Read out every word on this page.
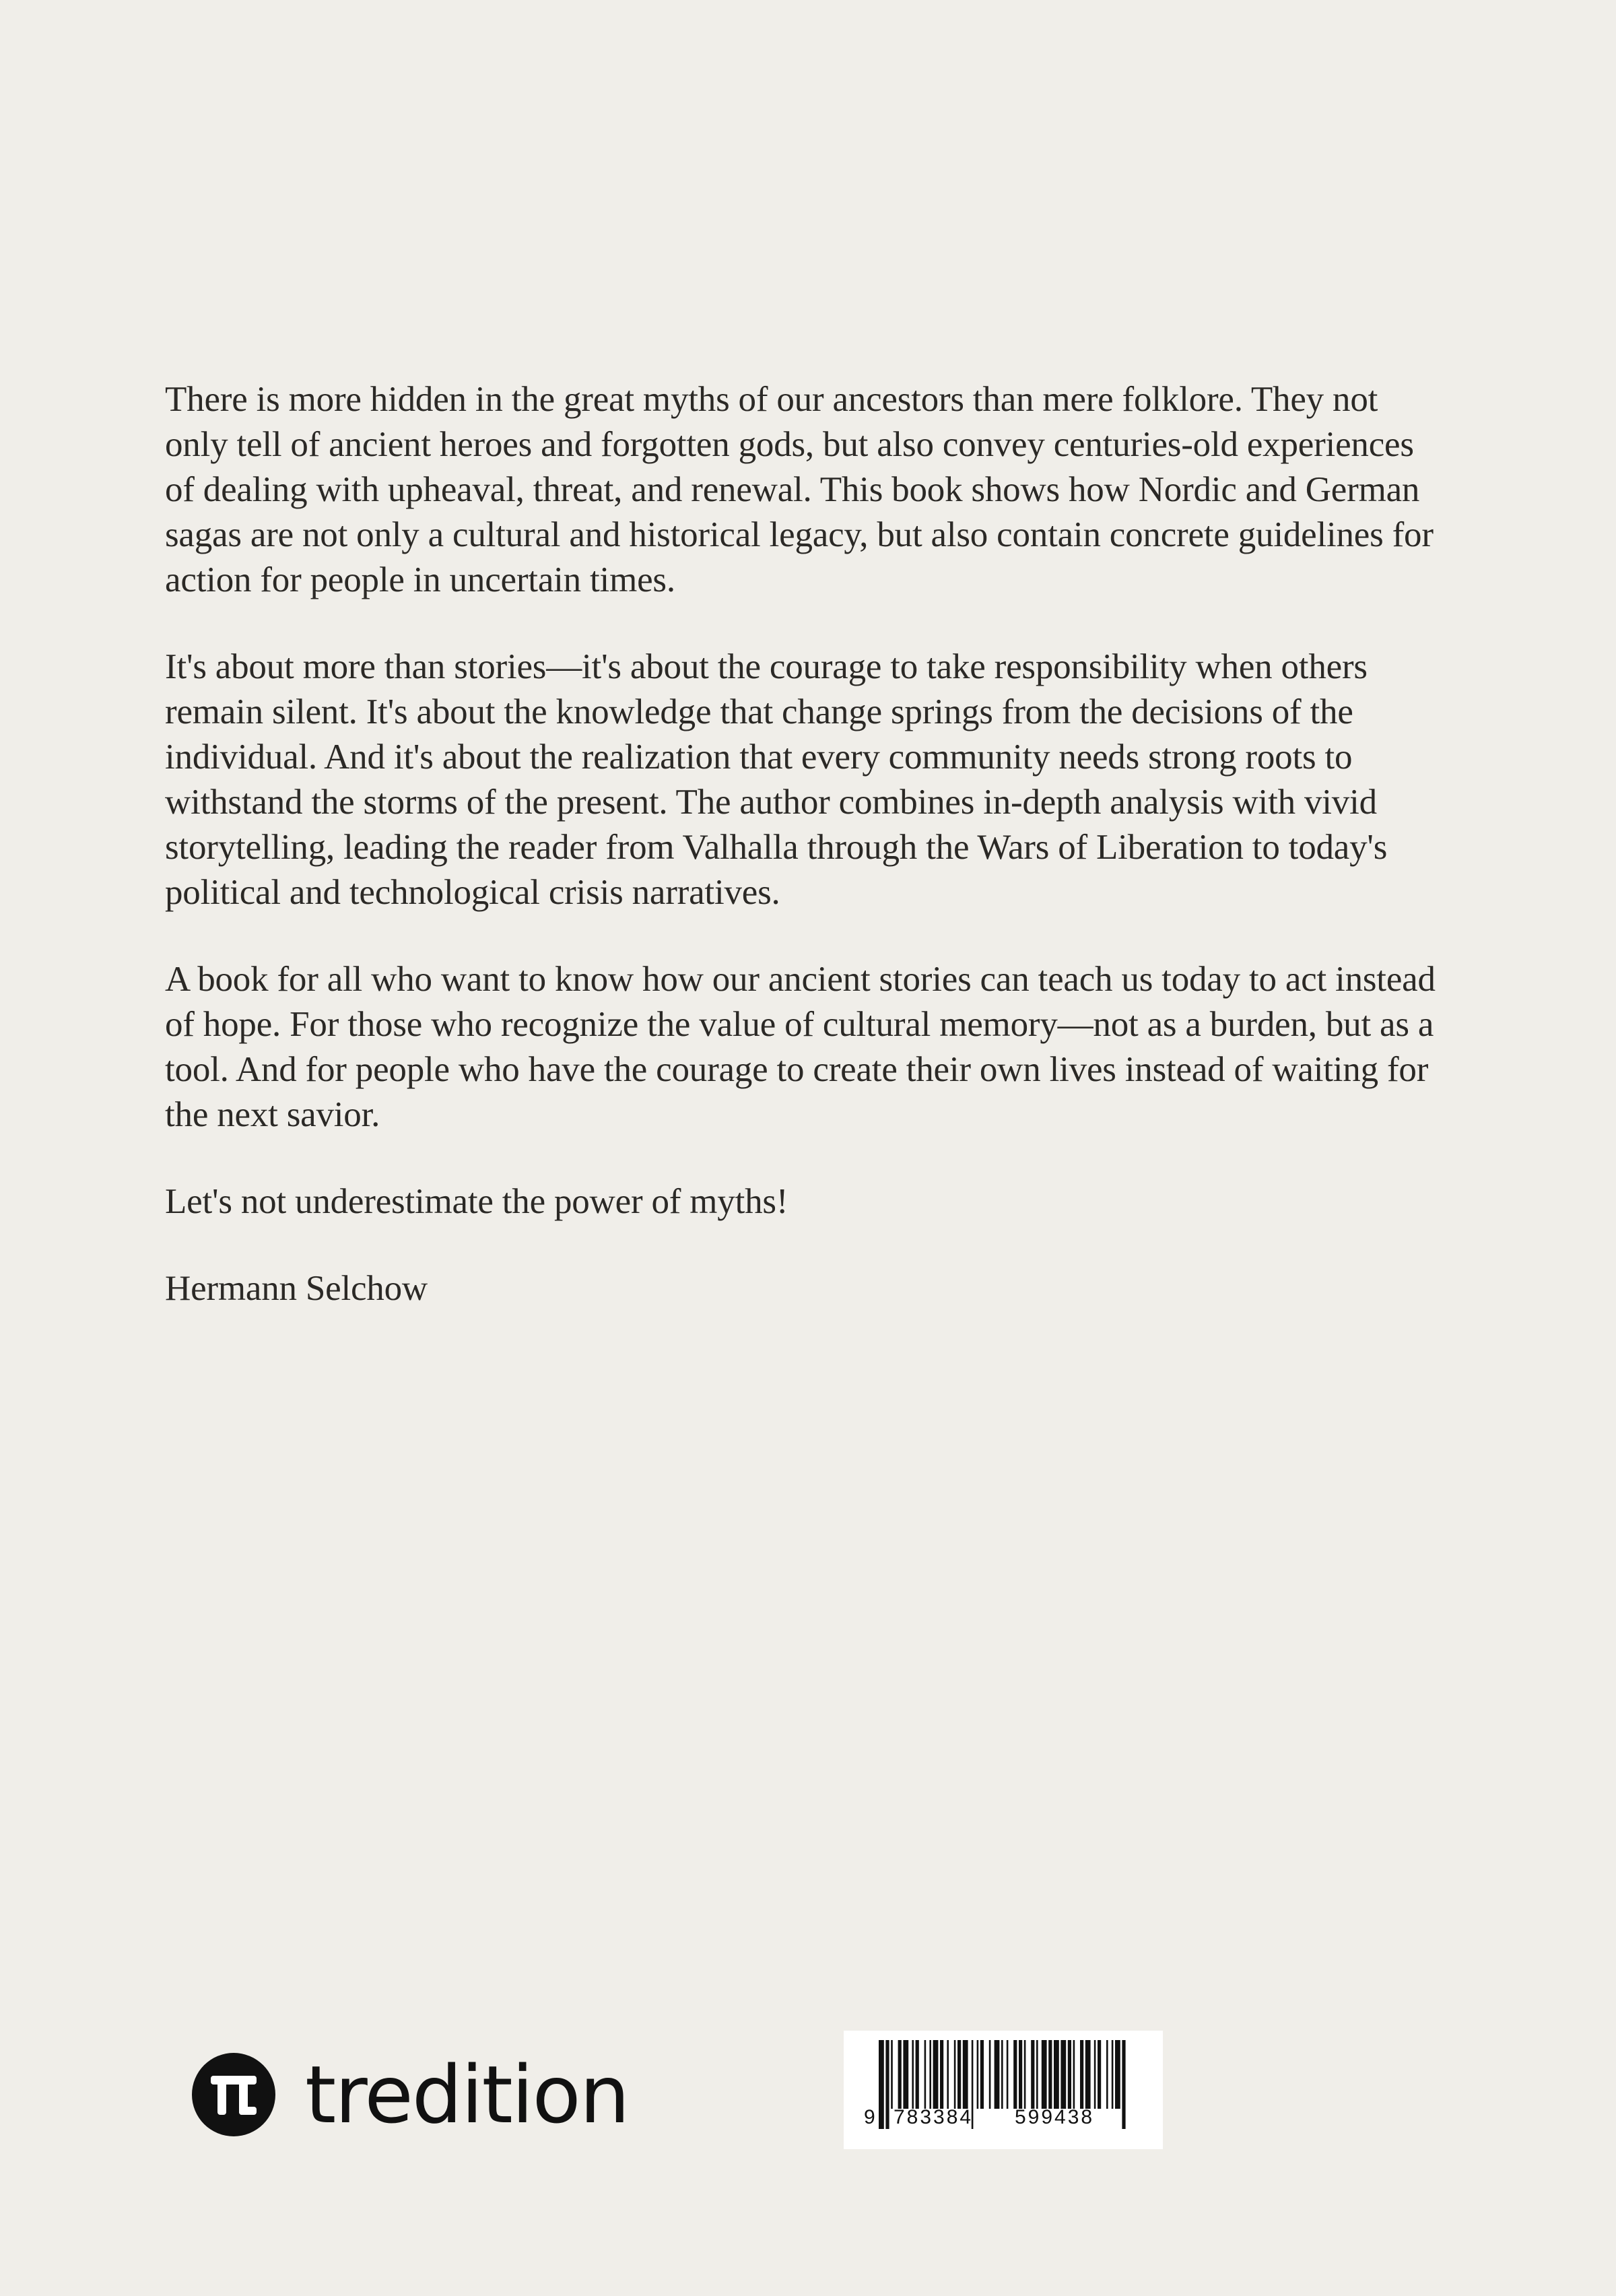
There is more hidden in the great myths of our ancestors than mere folklore. They not only tell of ancient heroes and forgotten gods, but also convey centuries-old experiences of dealing with upheaval, threat, and renewal. This book shows how Nordic and German sagas are not only a cultural and historical legacy, but also contain concrete guidelines for action for people in uncertain times.

It's about more than stories—it's about the courage to take responsibility when others remain silent. It's about the knowledge that change springs from the decisions of the individual. And it's about the realization that every community needs strong roots to withstand the storms of the present. The author combines in-depth analysis with vivid storytelling, leading the reader from Valhalla through the Wars of Liberation to today's political and technological crisis narratives.

A book for all who want to know how our ancient stories can teach us today to act instead of hope. For those who recognize the value of cultural memory—not as a burden, but as a tool. And for people who have the courage to create their own lives instead of waiting for the next savior.

Let's not underestimate the power of myths!

Hermann Selchow

tredition	9 783384 599438
